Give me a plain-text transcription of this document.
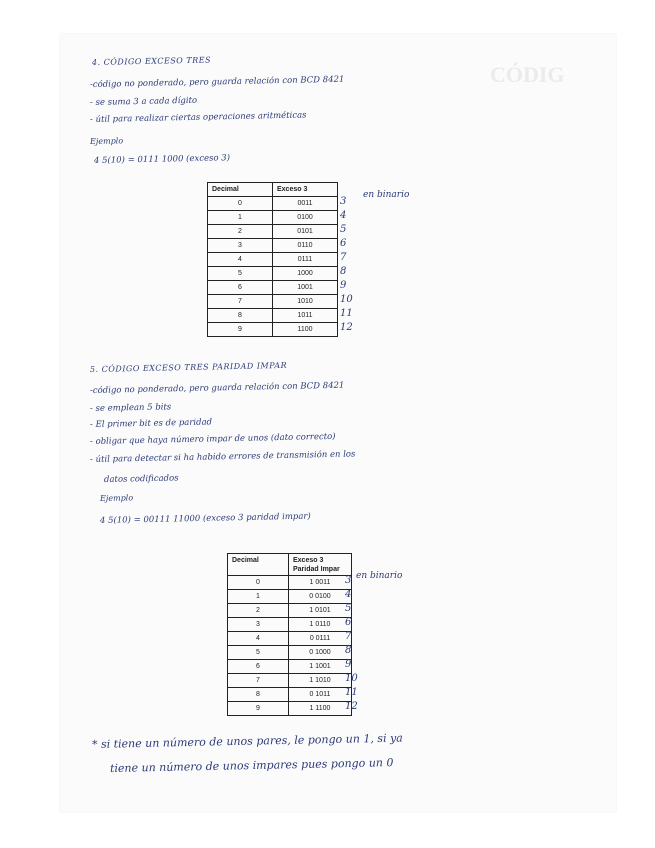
CÓDIG
4. CÓDIGO EXCESO TRES
-código no ponderado, pero guarda relación con BCD 8421
- se suma 3 a cada dígito
- útil para realizar ciertas operaciones aritméticas
Ejemplo
4 5(10) = 0111 1000 (exceso 3)
Decimal	Exceso 3
0	0011
1	0100
2	0101
3	0110
4	0111
5	1000
6	1001
7	1010
8	1011
9	1100
3
4
5
6
7
8
9
10
11
12
en binario
5. CÓDIGO EXCESO TRES PARIDAD IMPAR
-código no ponderado, pero guarda relación con BCD 8421
- se emplean 5 bits
- El primer bit es de paridad
- obligar que haya número impar de unos (dato correcto)
- útil para detectar si ha habido errores de transmisión en los
datos codificados
Ejemplo
4 5(10) = 00111 11000 (exceso 3 paridad impar)
Decimal	Exceso 3
Paridad Impar
0	1 0011
1	0 0100
2	1 0101
3	1 0110
4	0 0111
5	0 1000
6	1 1001
7	1 1010
8	0 1011
9	1 1100
3
4
5
6
7
8
9
10
11
12
en binario
* si tiene un número de unos pares, le pongo un 1, si ya
tiene un número de unos impares pues pongo un 0
